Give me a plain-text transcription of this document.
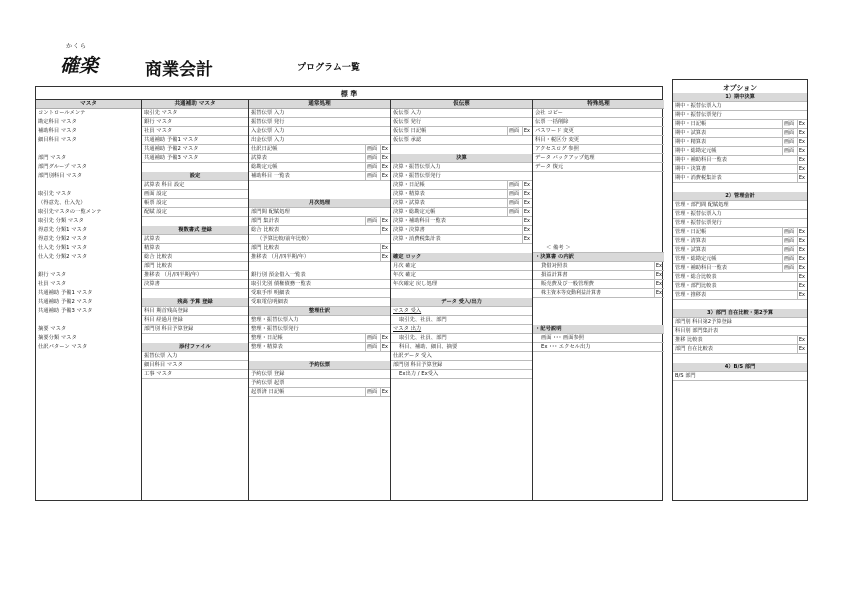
かくら
確楽	商業会計	プログラム一覧
標 準
マスタ
コントロールメンテ
勘定科目 マスタ
補助科目 マスタ
細目科目 マスタ
部門 マスタ
部門グループ マスタ
部門別科目 マスタ
取引先 マスタ
（得意先、仕入先）
取引先マスタの一覧メンテ
取引先 分類 マスタ
得意先 分類1 マスタ
得意先 分類2 マスタ
仕入先 分類1 マスタ
仕入先 分類2 マスタ
銀行 マスタ
社員 マスタ
共通補助 予備1 マスタ
共通補助 予備2 マスタ
共通補助 予備3 マスタ
摘要 マスタ
摘要分類 マスタ
仕訳パターン マスタ
共通補助 マスタ
取引先 マスタ
銀行 マスタ
社員 マスタ
共通補助 予備1 マスタ
共通補助 予備2 マスタ
共通補助 予備3 マスタ
設定
試算表 科目 設定
画面 設定
帳票 設定
配賦 設定
複数書式 登録
試算表
精算表
総合 比較表
部門 比較表
推移表 （月/四半期/年）
決算書
残高 予算 登録
科目 期首残高登録
科目 経過月登録
部門別 科目予算登録
添付ファイル
振替伝票 入力
細目科目 マスタ
工事 マスタ
通常処理
振替伝票 入力
振替伝票 発行
入金伝票 入力
出金伝票 入力
仕訳日記帳	画面 Ex
試算表	画面 Ex
総勘定元帳	画面 Ex
補助科目 一覧表	画面 Ex
月次処理
部門間 配賦処理
部門 集計表	画面 Ex
総合 比較表	Ex
（予算比較/前年比較）
部門 比較表	Ex
推移表 （月/四半期/年）	Ex
銀行別 預金借入一覧表
取引先別 債権債務一覧表
受取手形 明細表
受取電信明細表
整理仕訳
整理・振替伝票入力
整理・振替伝票発行
整理・日記帳	画面 Ex
整理・精算表	画面 Ex
予約伝票
予約伝票 登録
予約伝票 起票
起票済 日記帳	画面 Ex
仮伝票
仮伝票 入力
仮伝票 発行
仮伝票 日記帳	画面 Ex
仮伝票 承認
決算
決算・振替伝票入力
決算・振替伝票発行
決算・日記帳	画面 Ex
決算・精算表	画面 Ex
決算・試算表	画面 Ex
決算・総勘定元帳	画面 Ex
決算・補助科目一覧表	Ex
決算・決算書	Ex
決算・消費税集計表	Ex
確定 ロック
月次 確定
年次 確定
年次確定 戻し処理
データ 受入/出力
マスタ 受入
取引先、社員、部門
マスタ 出力
取引先、社員、部門
科目、補助、細目、摘要
仕訳データ 受入
部門別 科目予算登録
Ex出力 / Ex受入
特殊処理
会社 コピー
伝票 一括削除
パスワード 変更
科目・税区分 変更
アクセスログ 参照
データ バックアップ処理
データ 復元
＜ 備考 ＞
・決算書 の内訳
貸借対照表	Ex
損益計算書	Ex
販売費及び一般管理費	Ex
株主資本等変動利益計算書	Ex
・記号説明
画面 ･･･ 画面参照
Ex ･･･ エクセル出力
オプション
1）期中決算
期中・振替伝票入力
期中・振替伝票発行
期中・日記帳	画面 Ex
期中・試算表	画面 Ex
期中・精算表	画面 Ex
期中・総勘定元帳	画面 Ex
期中・補助科目一覧表	Ex
期中・決算書	Ex
期中・消費税集計表	Ex
2）管理会計
管理・部門間 配賦処理
管理・振替伝票入力
管理・振替伝票発行
管理・日記帳	画面 Ex
管理・清算表	画面 Ex
管理・試算表	画面 Ex
管理・総勘定元帳	画面 Ex
管理・補助科目一覧表	画面 Ex
管理・総合比較表	Ex
管理・部門比較表	Ex
管理・推移表	Ex
3）部門 自在比較・第2予算
部門別 科目第2予算登録
科目別 部門集計表
推移 比較表	Ex
部門 自在比較表	Ex
4）B/S 部門
B/S 部門
